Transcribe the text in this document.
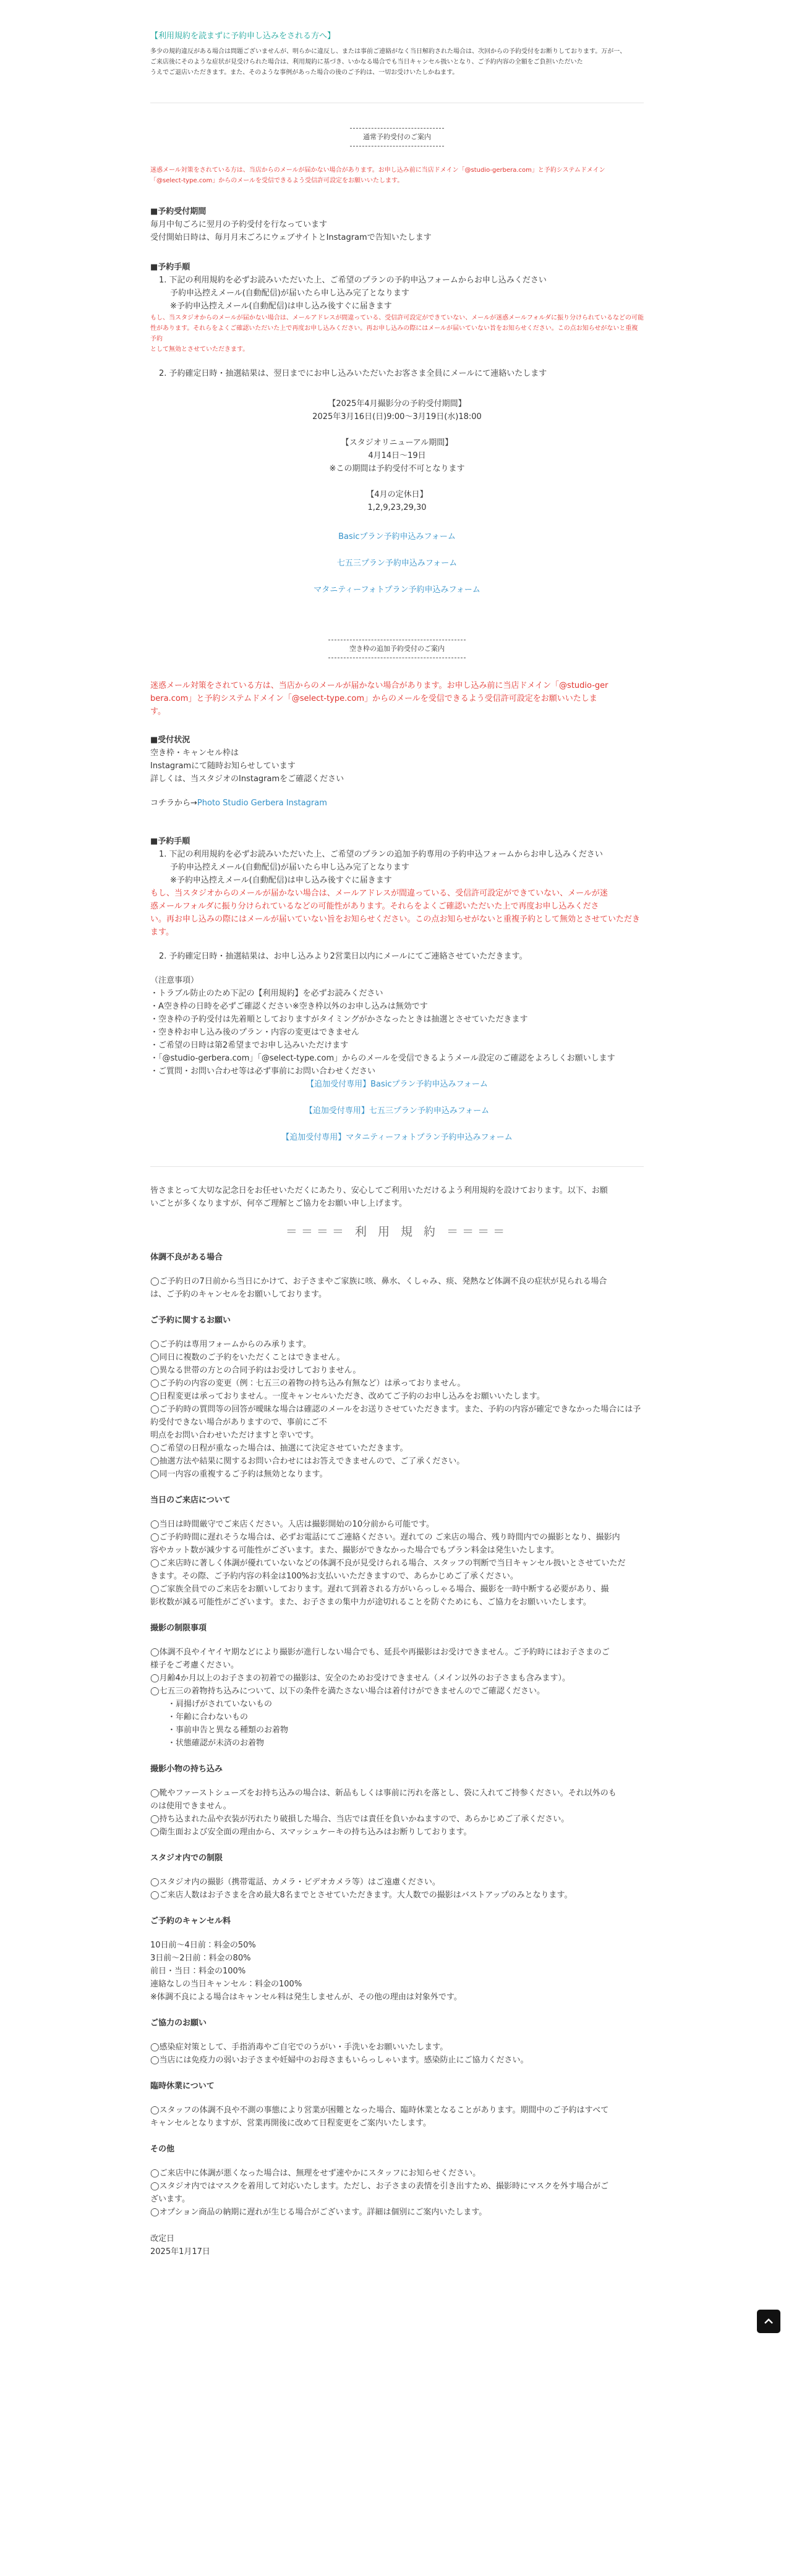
【利用規約を読まずに予約申し込みをされる方へ】
多少の規約違反がある場合は問題ございませんが、明らかに違反し、または事前ご連絡がなく当日解約された場合は、次回からの予約受付をお断りしております。万が一、
ご来店後にそのような症状が見受けられた場合は、利用規約に基づき、いかなる場合でも当日キャンセル扱いとなり、ご予約内容の全額をご負担いただいた
うえでご退店いただきます。また、そのような事例があった場合の後のご予約は、一切お受けいたしかねます。
通常予約受付のご案内
迷惑メール対策をされている方は、当店からのメールが届かない場合があります。お申し込み前に当店ドメイン「@studio-gerbera.com」と予約システムドメイン
「@select-type.com」からのメールを受信できるよう受信許可設定をお願いいたします。
■予約受付期間
毎月中旬ごろに翌月の予約受付を行なっています
受付開始日時は、毎月月末ごろにウェブサイトとInstagramで告知いたします
■予約手順
1. 下記の利用規約を必ずお読みいただいた上、ご希望のプランの予約申込フォームからお申し込みください
予約申込控えメール(自動配信)が届いたら申し込み完了となります
※予約申込控えメール(自動配信)は申し込み後すぐに届きます
もし、当スタジオからのメールが届かない場合は、メールアドレスが間違っている、受信許可設定ができていない、メールが迷惑メールフォルダに振り分けられているなどの可能
性があります。それらをよくご確認いただいた上で再度お申し込みください。再お申し込みの際にはメールが届いていない旨をお知らせください。この点お知らせがないと重複予約
として無効とさせていただきます。
2. 予約確定日時・抽選結果は、翌日までにお申し込みいただいたお客さま全員にメールにて連絡いたします
【2025年4月撮影分の予約受付期間】
2025年3月16日(日)9:00〜3月19日(水)18:00
【スタジオリニューアル期間】
4月14日〜19日
※この期間は予約受付不可となります
【4月の定休日】
1,2,9,23,29,30
Basicプラン予約申込みフォーム
七五三プラン予約申込みフォーム
マタニティーフォトプラン予約申込みフォーム
空き枠の追加予約受付のご案内
迷惑メール対策をされている方は、当店からのメールが届かない場合があります。お申し込み前に当店ドメイン「@studio-ger
bera.com」と予約システムドメイン「@select-type.com」からのメールを受信できるよう受信許可設定をお願いいたしま
す。
■受付状況
空き枠・キャンセル枠は
Instagramにて随時お知らせしています
詳しくは、当スタジオのInstagramをご確認ください
コチラから→Photo Studio Gerbera Instagram
■予約手順
1. 下記の利用規約を必ずお読みいただいた上、ご希望のプランの追加予約専用の予約申込フォームからお申し込みください
予約申込控えメール(自動配信)が届いたら申し込み完了となります
※予約申込控えメール(自動配信)は申し込み後すぐに届きます
もし、当スタジオからのメールが届かない場合は、メールアドレスが間違っている、受信許可設定ができていない、メールが迷
惑メールフォルダに振り分けられているなどの可能性があります。それらをよくご確認いただいた上で再度お申し込みくださ
い。再お申し込みの際にはメールが届いていない旨をお知らせください。この点お知らせがないと重複予約として無効とさせていただき
ます。
2. 予約確定日時・抽選結果は、お申し込みより2営業日以内にメールにてご連絡させていただきます。
（注意事項）
・トラブル防止のため下記の【利用規約】を必ずお読みください
・A空き枠の日時を必ずご確認ください※空き枠以外のお申し込みは無効です
・空き枠の予約受付は先着順としておりますがタイミングがかさなったときは抽選とさせていただきます
・空き枠お申し込み後のプラン・内容の変更はできません
・ご希望の日時は第2希望までお申し込みいただけます
・「@studio-gerbera.com」「@select-type.com」からのメールを受信できるようメール設定のご確認をよろしくお願いします
・ご質問・お問い合わせ等は必ず事前にお問い合わせください
【追加受付専用】Basicプラン予約申込みフォーム
【追加受付専用】七五三プラン予約申込みフォーム
【追加受付専用】マタニティーフォトプラン予約申込みフォーム
皆さまとって大切な記念日をお任せいただくにあたり、安心してご利用いただけるよう利用規約を設けております。以下、お願
いごとが多くなりますが、何卒ご理解とご協力をお願い申し上げます。
＝＝＝＝ 利 用 規 約 ＝＝＝＝
体調不良がある場合
◯ご予約日の7日前から当日にかけて、お子さまやご家族に咳、鼻水、くしゃみ、痰、発熱など体調不良の症状が見られる場合
は、ご予約のキャンセルをお願いしております。
ご予約に関するお願い
◯ご予約は専用フォームからのみ承ります。
◯同日に複数のご予約をいただくことはできません。
◯異なる世帯の方との合同予約はお受けしておりません。
◯ご予約の内容の変更（例：七五三の着物の持ち込み有無など）は承っておりません。
◯日程変更は承っておりません。一度キャンセルいただき、改めてご予約のお申し込みをお願いいたします。
◯ご予約時の質問等の回答が曖昧な場合は確認のメールをお送りさせていただきます。また、予約の内容が確定できなかった場合には予約受付できない場合がありますので、事前にご不
明点をお問い合わせいただけますと幸いです。
◯ご希望の日程が重なった場合は、抽選にて決定させていただきます。
◯抽選方法や結果に関するお問い合わせにはお答えできませんので、ご了承ください。
◯同一内容の重複するご予約は無効となります。
当日のご来店について
◯当日は時間厳守でご来店ください。入店は撮影開始の10分前から可能です。
◯ご予約時間に遅れそうな場合は、必ずお電話にてご連絡ください。遅れての ご来店の場合、残り時間内での撮影となり、撮影内
容やカット数が減少する可能性がございます。また、撮影ができなかった場合でもプラン料金は発生いたします。
◯ご来店時に著しく体調が優れていないなどの体調不良が見受けられる場合、スタッフの判断で当日キャンセル扱いとさせていただ
きます。その際、ご予約内容の料金は100%お支払いいただきますので、あらかじめご了承ください。
◯ご家族全員でのご来店をお願いしております。遅れて到着される方がいらっしゃる場合、撮影を一時中断する必要があり、撮
影枚数が減る可能性がございます。また、お子さまの集中力が途切れることを防ぐためにも、ご協力をお願いいたします。
撮影の制限事項
◯体調不良やイヤイヤ期などにより撮影が進行しない場合でも、延長や再撮影はお受けできません。ご予約時にはお子さまのご
様子をご考慮ください。
◯月齢4か月以上のお子さまの初着での撮影は、安全のためお受けできません（メイン以外のお子さまも含みます）。
◯七五三の着物持ち込みについて、以下の条件を満たさない場合は着付けができませんのでご確認ください。
・肩揚げがされていないもの
・年齢に合わないもの
・事前申告と異なる種類のお着物
・状態確認が未済のお着物
撮影小物の持ち込み
◯靴やファーストシューズをお持ち込みの場合は、新品もしくは事前に汚れを落とし、袋に入れてご持参ください。それ以外のも
のは使用できません。
◯持ち込まれた品や衣装が汚れたり破損した場合、当店では責任を負いかねますので、あらかじめご了承ください。
◯衛生面および安全面の理由から、スマッシュケーキの持ち込みはお断りしております。
スタジオ内での制限
◯スタジオ内の撮影（携帯電話、カメラ・ビデオカメラ等）はご遠慮ください。
◯ご来店人数はお子さまを含め最大8名までとさせていただきます。大人数での撮影はバストアップのみとなります。
ご予約のキャンセル料
10日前〜4日前：料金の50%
3日前〜2日前：料金の80%
前日・当日：料金の100%
連絡なしの当日キャンセル：料金の100%
※体調不良による場合はキャンセル料は発生しませんが、その他の理由は対象外です。
ご協力のお願い
◯感染症対策として、手指消毒やご自宅でのうがい・手洗いをお願いいたします。
◯当店には免疫力の弱いお子さまや妊婦中のお母さまもいらっしゃいます。感染防止にご協力ください。
臨時休業について
◯スタッフの体調不良や不測の事態により営業が困難となった場合、臨時休業となることがあります。期間中のご予約はすべて
キャンセルとなりますが、営業再開後に改めて日程変更をご案内いたします。
その他
◯ご来店中に体調が悪くなった場合は、無理をせず速やかにスタッフにお知らせください。
◯スタジオ内ではマスクを着用して対応いたします。ただし、お子さまの表情を引き出すため、撮影時にマスクを外す場合がご
ざいます。
◯オプション商品の納期に遅れが生じる場合がございます。詳細は個別にご案内いたします。
改定日
2025年1月17日
